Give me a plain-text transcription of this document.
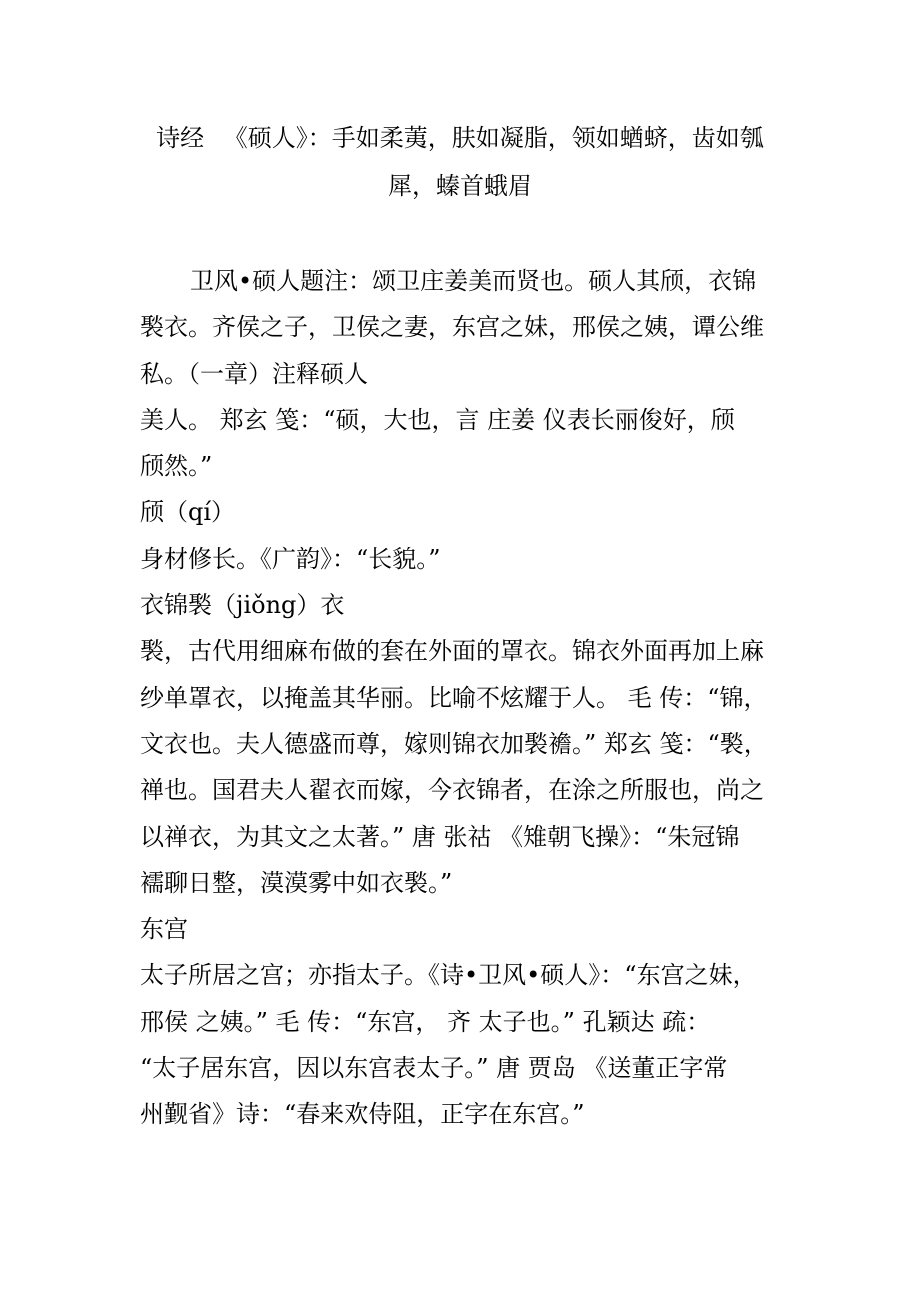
诗经 　《硕人》：手如柔荑，肤如凝脂，领如蝤蛴，齿如瓠
犀，螓首蛾眉
卫风•硕人题注：颂卫庄姜美而贤也。硕人其颀，衣锦
褧衣。齐侯之子，卫侯之妻，东宫之妹，邢侯之姨，谭公维
私。（一章）注释硕人
美人。 郑玄 笺：“硕，大也，言 庄姜 仪表长丽俊好，颀
颀然。”
颀（qí）
身材修长。《广韵》：“长貌。”
衣锦褧（jiǒng）衣
褧，古代用细麻布做的套在外面的罩衣。锦衣外面再加上麻
纱单罩衣，以掩盖其华丽。比喻不炫耀于人。 毛 传：“锦，
文衣也。夫人德盛而尊，嫁则锦衣加褧襜。” 郑玄 笺：“褧，
禅也。国君夫人翟衣而嫁，今衣锦者，在涂之所服也，尚之
以禅衣，为其文之太著。” 唐 张祜 《雉朝飞操》：“朱冠锦
襦聊日整，漠漠雾中如衣褧。”
东宫
太子所居之宫；亦指太子。《诗•卫风•硕人》：“东宫之妹，
邢侯 之姨。” 毛 传：“东宫， 齐 太子也。” 孔颖达 疏：
“太子居东宫，因以东宫表太子。” 唐 贾岛 《送董正字常
州觐省》诗：“春来欢侍阻，正字在东宫。”
